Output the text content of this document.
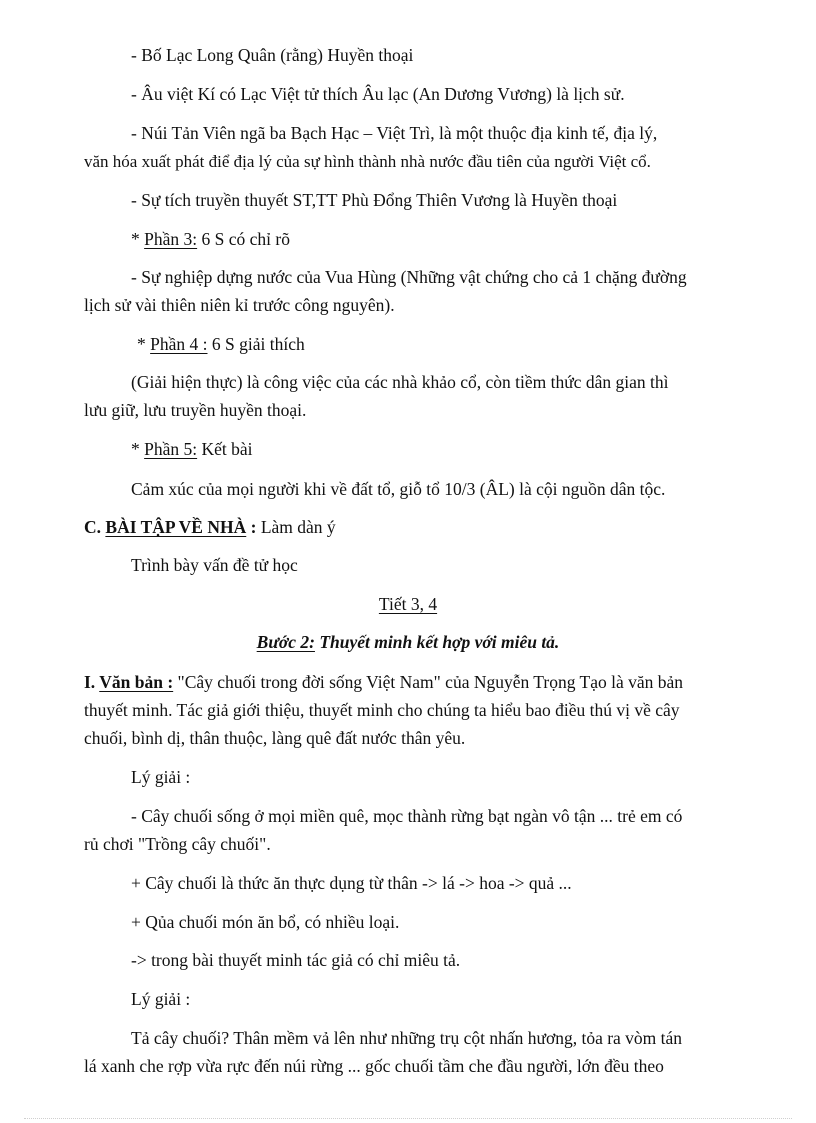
- Bố Lạc Long Quân (rằng) Huyền thoại
- Âu việt Kí có Lạc Việt tử thích Âu lạc (An Dương Vương) là lịch sử.
- Núi Tản Viên ngã ba Bạch Hạc – Việt Trì, là một thuộc địa kinh tế, địa lý,
văn hóa xuất phát điể địa lý của sự hình thành nhà nước đầu tiên của người Việt cổ.
- Sự tích truyền thuyết ST,TT Phù Đổng Thiên Vương là Huyền thoại
* Phần 3: 6 S có chỉ rõ
- Sự nghiệp dựng nước của Vua Hùng (Những vật chứng cho cả 1 chặng đường
lịch sử vài thiên niên kỉ trước công nguyên).
* Phần 4 : 6 S giải thích
(Giải hiện thực) là công việc của các nhà khảo cổ, còn tiềm thức dân gian thì
lưu giữ, lưu truyền huyền thoại.
* Phần 5: Kết bài
Cảm xúc của mọi người khi về đất tổ, giỗ tổ 10/3 (ÂL) là cội nguồn dân tộc.
C. BÀI TẬP VỀ NHÀ : Làm dàn ý
Trình bày vấn đề tử học
Tiết 3, 4
Bước 2: Thuyết minh kết hợp với miêu tả.
I. Văn bản : "Cây chuối trong đời sống Việt Nam" của Nguyễn Trọng Tạo là văn bản
thuyết minh. Tác giả giới thiệu, thuyết minh cho chúng ta hiểu bao điều thú vị về cây
chuối, bình dị, thân thuộc, làng quê đất nước thân yêu.
Lý giải :
- Cây chuối sống ở mọi miền quê, mọc thành rừng bạt ngàn vô tận ... trẻ em có
rủ chơi "Trồng cây chuối".
+ Cây chuối là thức ăn thực dụng từ thân -> lá -> hoa -> quả ...
+ Qủa chuối món ăn bổ, có nhiều loại.
-> trong bài thuyết minh tác giả có chỉ miêu tả.
Lý giải :
Tả cây chuối? Thân mềm vả lên như những trụ cột nhấn hương, tỏa ra vòm tán
lá xanh che rợp vừa rực đến núi rừng ... gốc chuối tầm che đầu người, lớn đều theo
